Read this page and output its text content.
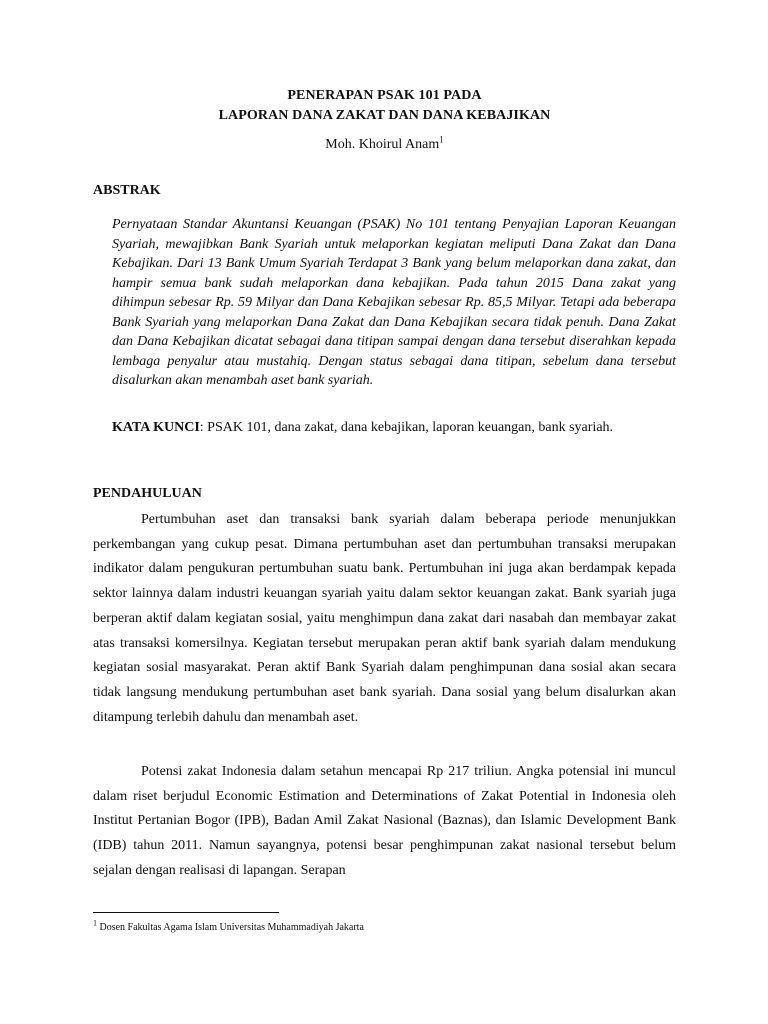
PENERAPAN PSAK 101 PADA
LAPORAN DANA ZAKAT DAN DANA KEBAJIKAN
Moh. Khoirul Anam$^1$
ABSTRAK
Pernyataan Standar Akuntansi Keuangan (PSAK) No 101 tentang Penyajian Laporan Keuangan Syariah, mewajibkan Bank Syariah untuk melaporkan kegiatan meliputi Dana Zakat dan Dana Kebajikan. Dari 13 Bank Umum Syariah Terdapat 3 Bank yang belum melaporkan dana zakat, dan hampir semua bank sudah melaporkan dana kebajikan. Pada tahun 2015 Dana zakat yang dihimpun sebesar Rp. 59 Milyar dan Dana Kebajikan sebesar Rp. 85,5 Milyar. Tetapi ada beberapa Bank Syariah yang melaporkan Dana Zakat dan Dana Kebajikan secara tidak penuh. Dana Zakat dan Dana Kebajikan dicatat sebagai dana titipan sampai dengan dana tersebut diserahkan kepada lembaga penyalur atau mustahiq. Dengan status sebagai dana titipan, sebelum dana tersebut disalurkan akan menambah aset bank syariah.
KATA KUNCI: PSAK 101, dana zakat, dana kebajikan, laporan keuangan, bank syariah.
PENDAHULUAN
Pertumbuhan aset dan transaksi bank syariah dalam beberapa periode menunjukkan perkembangan yang cukup pesat. Dimana pertumbuhan aset dan pertumbuhan transaksi merupakan indikator dalam pengukuran pertumbuhan suatu bank. Pertumbuhan ini juga akan berdampak kepada sektor lainnya dalam industri keuangan syariah yaitu dalam sektor keuangan zakat. Bank syariah juga berperan aktif dalam kegiatan sosial, yaitu menghimpun dana zakat dari nasabah dan membayar zakat atas transaksi komersilnya. Kegiatan tersebut merupakan peran aktif bank syariah dalam mendukung kegiatan sosial masyarakat. Peran aktif Bank Syariah dalam penghimpunan dana sosial akan secara tidak langsung mendukung pertumbuhan aset bank syariah. Dana sosial yang belum disalurkan akan ditampung terlebih dahulu dan menambah aset.
Potensi zakat Indonesia dalam setahun mencapai Rp 217 triliun. Angka potensial ini muncul dalam riset berjudul Economic Estimation and Determinations of Zakat Potential in Indonesia oleh Institut Pertanian Bogor (IPB), Badan Amil Zakat Nasional (Baznas), dan Islamic Development Bank (IDB) tahun 2011. Namun sayangnya, potensi besar penghimpunan zakat nasional tersebut belum sejalan dengan realisasi di lapangan. Serapan
$^1$ Dosen Fakultas Agama Islam Universitas Muhammadiyah Jakarta
